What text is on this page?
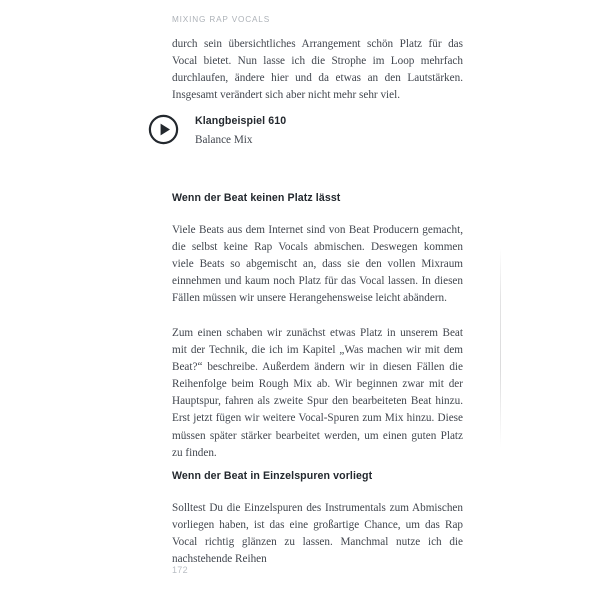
MIXING RAP VOCALS

durch sein übersichtliches Arrangement schön Platz für das Vocal bietet. Nun lasse ich die Strophe im Loop mehrfach durchlaufen, ändere hier und da etwas an den Lautstärken. Insgesamt verändert sich aber nicht mehr sehr viel.

Klangbeispiel 610
Balance Mix
Wenn der Beat keinen Platz lässt

Viele Beats aus dem Internet sind von Beat Producern gemacht, die selbst keine Rap Vocals abmischen. Deswegen kommen viele Beats so abgemischt an, dass sie den vollen Mixraum einnehmen und kaum noch Platz für das Vocal lassen. In diesen Fällen müssen wir unsere Herangehensweise leicht abändern.

Zum einen schaben wir zunächst etwas Platz in unserem Beat mit der Technik, die ich im Kapitel „Was machen wir mit dem Beat?“ beschreibe. Außerdem ändern wir in diesen Fällen die Reihenfolge beim Rough Mix ab. Wir beginnen zwar mit der Hauptspur, fahren als zweite Spur den bearbeiteten Beat hinzu. Erst jetzt fügen wir weitere Vocal-Spuren zum Mix hinzu. Diese müssen später stärker bearbeitet werden, um einen guten Platz zu finden.

Wenn der Beat in Einzelspuren vorliegt

Solltest Du die Einzelspuren des Instrumentals zum Abmischen vorliegen haben, ist das eine großartige Chance, um das Rap Vocal richtig glänzen zu lassen. Manchmal nutze ich die nachstehende Reihen

172
